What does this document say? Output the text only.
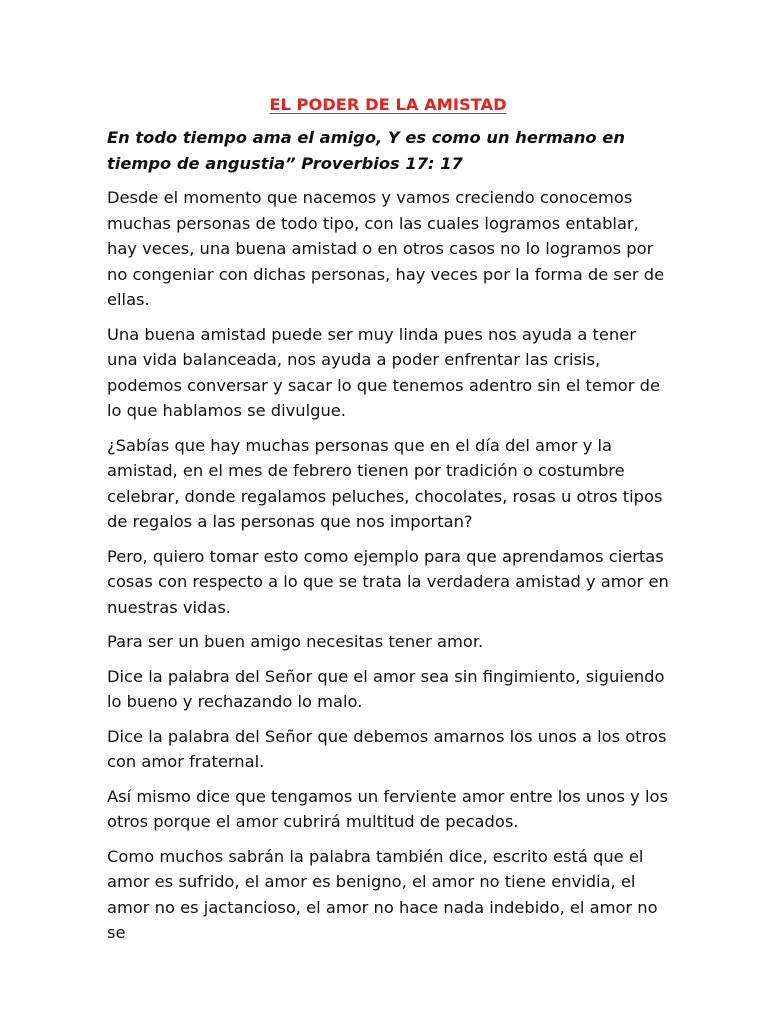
EL PODER DE LA AMISTAD

En todo tiempo ama el amigo, Y es como un hermano en tiempo de angustia” Proverbios 17: 17

Desde el momento que nacemos y vamos creciendo conocemos muchas personas de todo tipo, con las cuales logramos entablar, hay veces, una buena amistad o en otros casos no lo logramos por no congeniar con dichas personas, hay veces por la forma de ser de ellas.

Una buena amistad puede ser muy linda pues nos ayuda a tener una vida balanceada, nos ayuda a poder enfrentar las crisis, podemos conversar y sacar lo que tenemos adentro sin el temor de lo que hablamos se divulgue.

¿Sabías que hay muchas personas que en el día del amor y la amistad, en el mes de febrero tienen por tradición o costumbre celebrar, donde regalamos peluches, chocolates, rosas u otros tipos de regalos a las personas que nos importan?

Pero, quiero tomar esto como ejemplo para que aprendamos ciertas cosas con respecto a lo que se trata la verdadera amistad y amor en nuestras vidas.

Para ser un buen amigo necesitas tener amor.

Dice la palabra del Señor que el amor sea sin fingimiento, siguiendo lo bueno y rechazando lo malo.

Dice la palabra del Señor que debemos amarnos los unos a los otros con amor fraternal.

Así mismo dice que tengamos un ferviente amor entre los unos y los otros porque el amor cubrirá multitud de pecados.

Como muchos sabrán la palabra también dice, escrito está que el amor es sufrido, el amor es benigno, el amor no tiene envidia, el amor no es jactancioso, el amor no hace nada indebido, el amor no se
